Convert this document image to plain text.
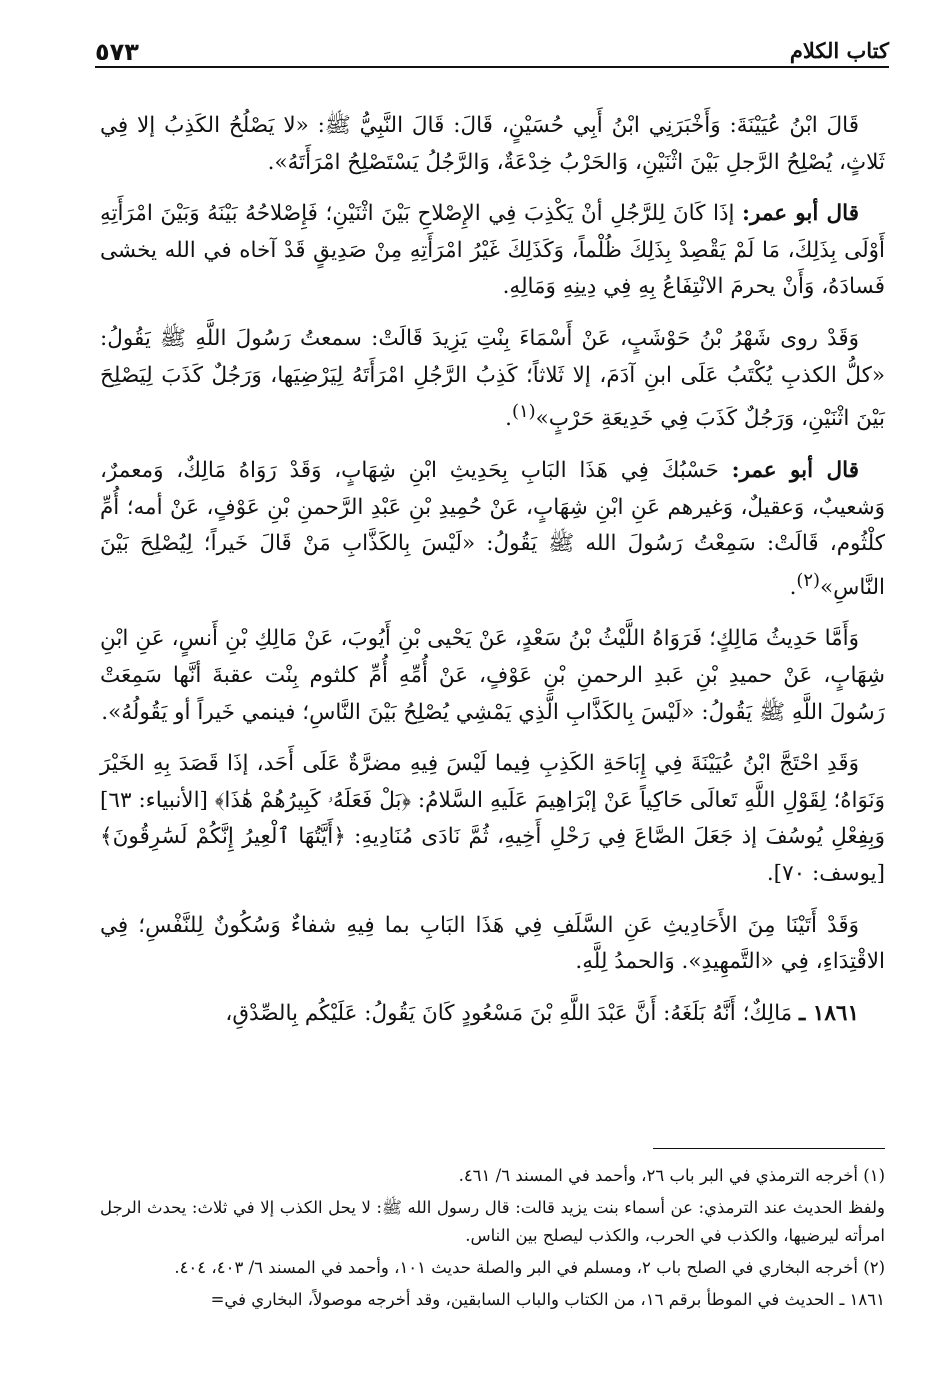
كتاب الكلام
٥٧٣

قَالَ ابْنُ عُيَيْنَةَ: وَأَخْبَرَنِي ابْنُ أَبِي حُسَيْنٍ، قَالَ: قَالَ النَّبِيُّ ﷺ: «لا يَصْلُحُ الكَذِبُ إلا فِي ثَلاثٍ، يُصْلِحُ الرَّجلِ بَيْنَ اثْنَيْنِ، وَالحَرْبُ خِدْعَةٌ، وَالرَّجُلُ يَسْتَصْلِحُ امْرَأَتَهُ».

قال أبو عمر: إذَا كَانَ لِلرَّجُلِ أنْ يَكْذِبَ فِي الإِصْلاحِ بَيْنَ اثْنَيْنِ؛ فَإِصْلاحُهُ بَيْنَهُ وَبَيْنَ امْرَأَتِهِ أَوْلَى بِذَلِكَ، مَا لَمْ يَقْصِدْ بِذَلِكَ ظُلْماً، وَكَذَلِكَ غَيْرُ امْرَأَتِهِ مِنْ صَدِيقٍ قَدْ آخاه في الله يخشى فَسادَهُ، وَأَنْ يحرمَ الانْتِفَاعُ بِهِ فِي دِينِهِ وَمَالِهِ.

وَقَدْ روى شَهْرُ بْنُ حَوْشَبٍ، عَنْ أَسْمَاءَ بِنْتِ يَزِيدَ قَالَتْ: سمعتُ رَسُولَ اللَّهِ ﷺ يَقُولُ: «كلُّ الكذبِ يُكْتَبُ عَلَى ابنِ آدَمَ، إلا ثَلاثاً؛ كَذِبُ الرَّجُلِ امْرَأَتَهُ لِيَرْضِيَها، وَرَجُلٌ كَذَبَ لِيَصْلِحَ بَيْنَ اثْنَيْنِ، وَرَجُلٌ كَذَبَ فِي خَدِيعَةِ حَرْبٍ»$^{(١)}$.

قال أبو عمر: حَسْبُكَ فِي هَذَا البَابِ بِحَدِيثِ ابْنِ شِهَابٍ، وَقَدْ رَوَاهُ مَالِكٌ، وَمعمرٌ، وَشعيبٌ، وَعقيلٌ، وَغيرهم عَنِ ابْنِ شِهَابٍ، عَنْ حُمِيدِ بْنِ عَبْدِ الرَّحمنِ بْنِ عَوْفٍ، عَنْ أمه؛ أُمِّ كلْثُوم، قَالَتْ: سَمِعْتُ رَسُولَ الله ﷺ يَقُولُ: «لَيْسَ بِالكَذَّابِ مَنْ قَالَ خَيراً؛ لِيُصْلِحَ بَيْنَ النَّاسِ»$^{(٢)}$.

وَأَمَّا حَدِيثُ مَالِكٍ؛ فَرَوَاهُ اللَّيْثُ بْنُ سَعْدٍ، عَنْ يَحْيى بْنِ أَيُوبَ، عَنْ مَالِكِ بْنِ أَنسٍ، عَنِ ابْنِ شِهَابٍ، عَنْ حميدِ بْنِ عَبدِ الرحمنِ بْنِ عَوْفٍ، عَنْ أُمِّهِ أُمِّ كلثوم بِنْت عقبةَ أنَّها سَمِعَتْ رَسُولَ اللَّهِ ﷺ يَقُولُ: «لَيْسَ بِالكَذَّابِ الَّذِي يَمْشِي يُصْلِحُ بَيْنَ النَّاسِ؛ فينمي خَيراً أو يَقُولُهُ».

وَقَدِ احْتَجَّ ابْنُ عُيَيْنَةَ فِي إِبَاحَةِ الكَذِبِ فِيما لَيْسَ فِيهِ مضرَّةٌ عَلَى أَحَد، إذَا قَصَدَ بِهِ الخَيْرَ وَنَوَاهُ؛ لِقَوْلِ اللَّهِ تَعالَى حَاكِياً عَنْ إبْرَاهِيمَ عَلَيهِ السَّلامُ: ﴿بَلْ فَعَلَهُۥ كَبِيرُهُمْ هَٰذَا﴾ [الأنبياء: ٦٣] وَبِفِعْلِ يُوسُفَ إذ جَعَلَ الصَّاعَ فِي رَحْلِ أَخِيهِ، ثُمَّ نَادَى مُنَادِيهِ: ﴿أَيَّتُهَا ٱلْعِيرُ إِنَّكُمْ لَسَٰرِقُونَ﴾ [يوسف: ٧٠].

وَقَدْ أَتَيْنَا مِنَ الأَحَادِيثِ عَنِ السَّلَفِ فِي هَذَا البَابِ بما فِيهِ شفاءٌ وَسُكُونٌ لِلنَّفْسِ؛ فِي الاقْتِدَاءِ، فِي «التَّمهِيدِ». وَالحمدُ لِلَّهِ.

١٨٦١ ـ مَالِكٌ؛ أَنَّهُ بَلَغَهُ: أَنَّ عَبْدَ اللَّهِ بْنَ مَسْعُودٍ كَانَ يَقُولُ: عَلَيْكُم بِالصِّدْقِ،

(١) أخرجه الترمذي في البر باب ٢٦، وأحمد في المسند ٦/ ٤٦١.

ولفظ الحديث عند الترمذي: عن أسماء بنت يزيد قالت: قال رسول الله ﷺ: لا يحل الكذب إلا في ثلاث: يحدث الرجل امرأته ليرضيها، والكذب في الحرب، والكذب ليصلح بين الناس.

(٢) أخرجه البخاري في الصلح باب ٢، ومسلم في البر والصلة حديث ١٠١، وأحمد في المسند ٦/ ٤٠٣، ٤٠٤.

١٨٦١ ـ الحديث في الموطأ برقم ١٦، من الكتاب والباب السابقين، وقد أخرجه موصولاً، البخاري في=
